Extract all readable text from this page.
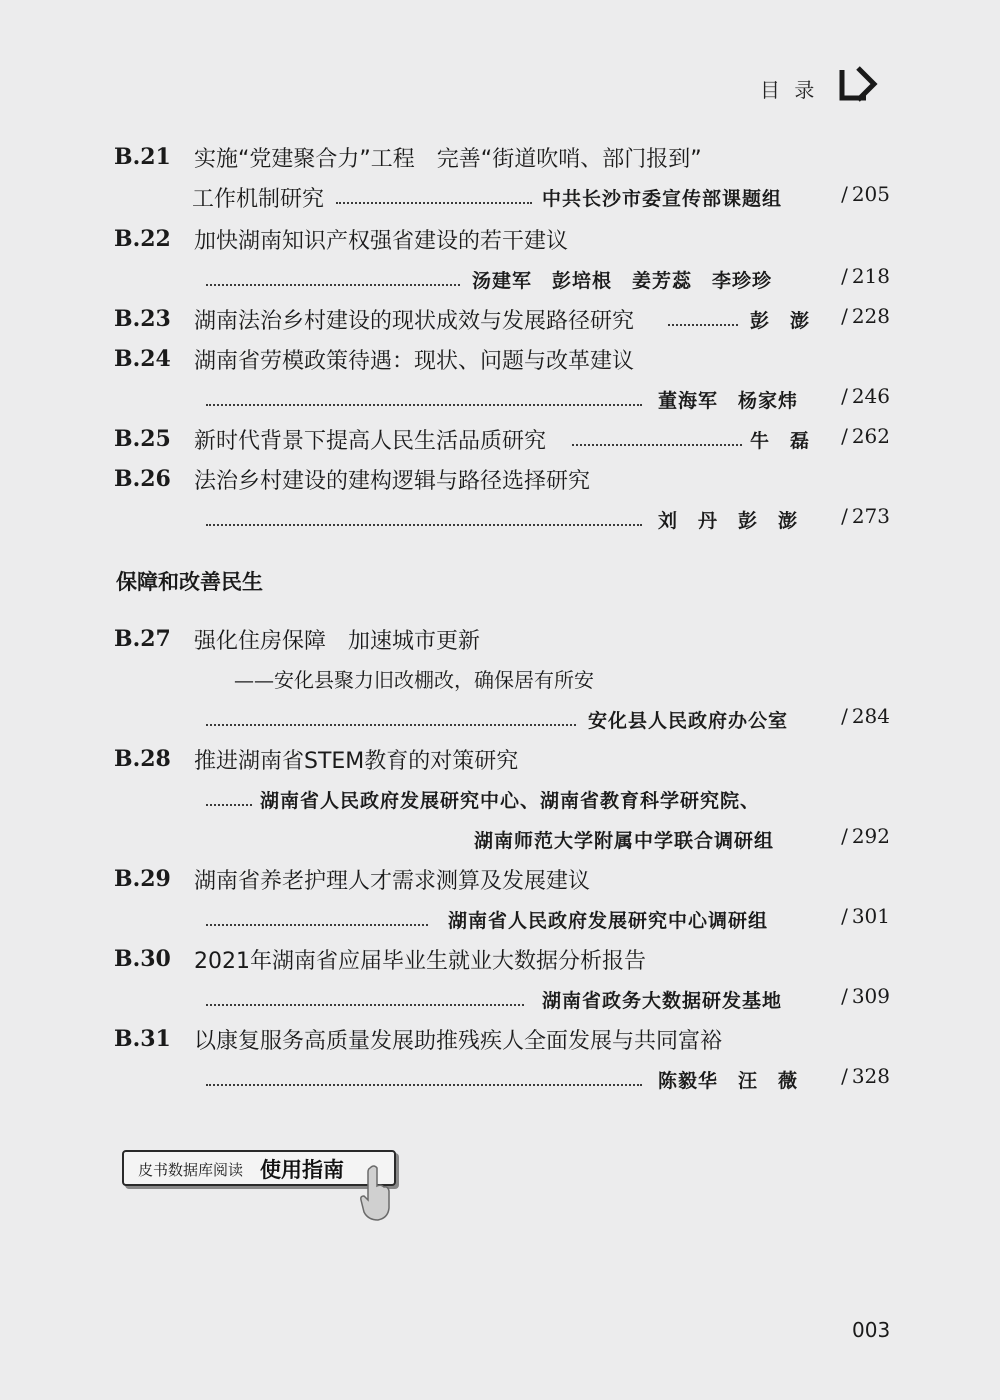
目 录
B.21 实施“党建聚合力”工程　完善“街道吹哨、部门报到”
工作机制研究	中共长沙市委宣传部课题组	/ 205
B.22 加快湖南知识产权强省建设的若干建议
汤建军　彭培根　姜芳蕊　李珍珍	/ 218
B.23 湖南法治乡村建设的现状成效与发展路径研究	彭　澎	/ 228
B.24 湖南省劳模政策待遇：现状、问题与改革建议
董海军　杨家炜	/ 246
B.25 新时代背景下提高人民生活品质研究	牛　磊	/ 262
B.26 法治乡村建设的建构逻辑与路径选择研究
刘　丹　彭　澎	/ 273
保障和改善民生
B.27 强化住房保障　加速城市更新
——安化县聚力旧改棚改，确保居有所安
安化县人民政府办公室	/ 284
B.28 推进湖南省STEM教育的对策研究
湖南省人民政府发展研究中心、湖南省教育科学研究院、
湖南师范大学附属中学联合调研组	/ 292
B.29 湖南省养老护理人才需求测算及发展建议
湖南省人民政府发展研究中心调研组	/ 301
B.30 2021年湖南省应届毕业生就业大数据分析报告
湖南省政务大数据研发基地	/ 309
B.31 以康复服务高质量发展助推残疾人全面发展与共同富裕
陈毅华　汪　薇	/ 328
皮书数据库阅读 使用指南
003
